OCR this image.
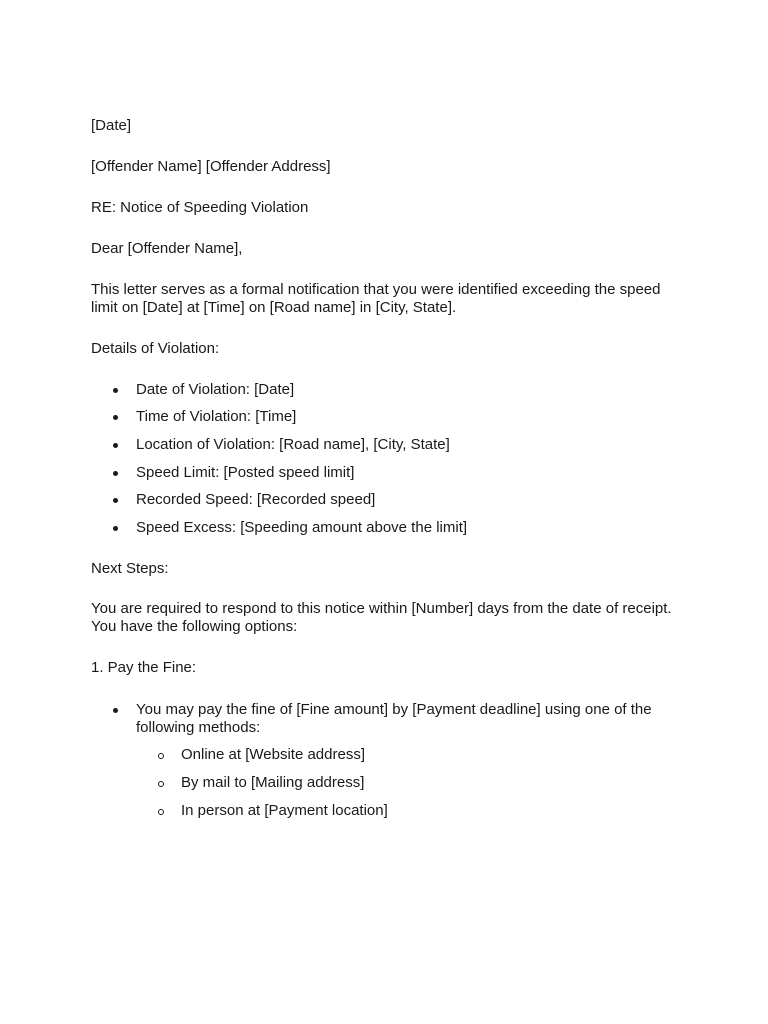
[Date]

[Offender Name] [Offender Address]

RE: Notice of Speeding Violation

Dear [Offender Name],

This letter serves as a formal notification that you were identified exceeding the speed
limit on [Date] at [Time] on [Road name] in [City, State].

Details of Violation:

Date of Violation: [Date]
Time of Violation: [Time]
Location of Violation: [Road name], [City, State]
Speed Limit: [Posted speed limit]
Recorded Speed: [Recorded speed]
Speed Excess: [Speeding amount above the limit]

Next Steps:

You are required to respond to this notice within [Number] days from the date of receipt.
You have the following options:

1. Pay the Fine:

You may pay the fine of [Fine amount] by [Payment deadline] using one of the
following methods:
Online at [Website address]
By mail to [Mailing address]
In person at [Payment location]
